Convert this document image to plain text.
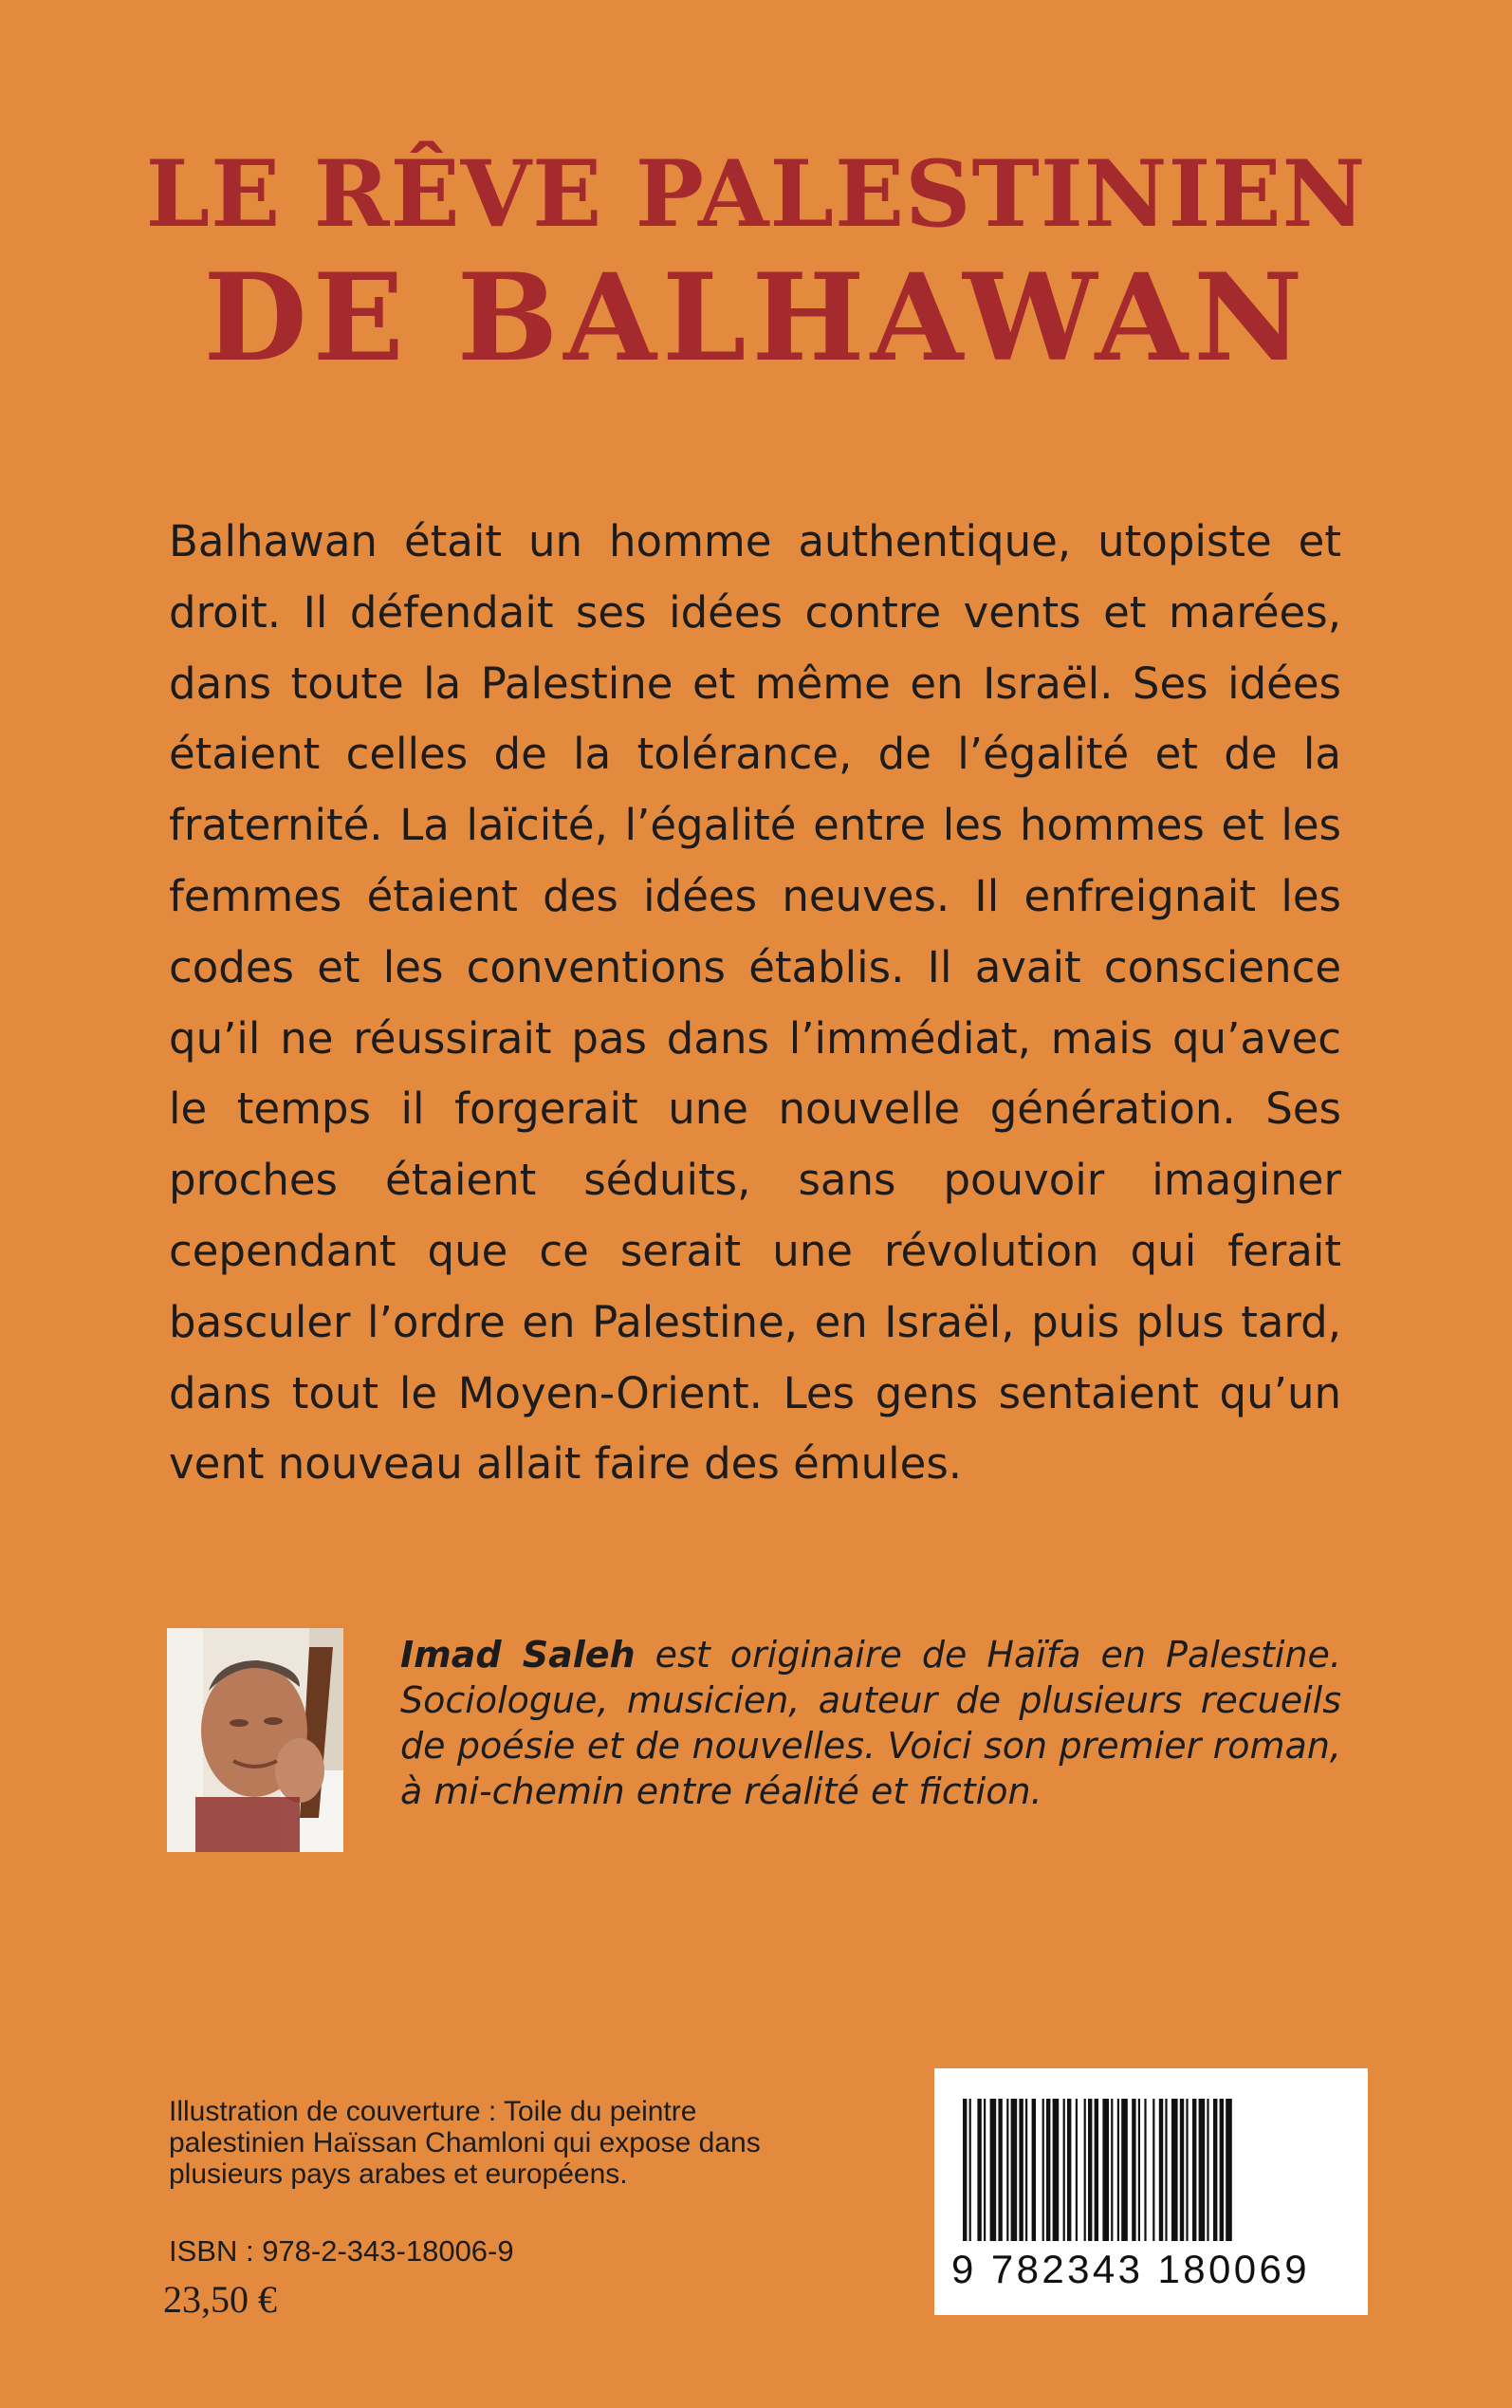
LE RÊVE PALESTINIEN
DE BALHAWAN

Balhawan était un homme authentique, utopiste et droit. Il défendait ses idées contre vents et marées, dans toute la Palestine et même en Israël. Ses idées étaient celles de la tolérance, de l’égalité et de la fraternité. La laïcité, l’égalité entre les hommes et les femmes étaient des idées neuves. Il enfreignait les codes et les conventions établis. Il avait conscience qu’il ne réussirait pas dans l’immédiat, mais qu’avec le temps il forgerait une nouvelle génération. Ses proches étaient séduits, sans pouvoir imaginer cependant que ce serait une révolution qui ferait basculer l’ordre en Palestine, en Israël, puis plus tard, dans tout le Moyen-Orient. Les gens sentaient qu’un vent nouveau allait faire des émules.

Imad Saleh est originaire de Haïfa en Palestine. Sociologue, musicien, auteur de plusieurs recueils de poésie et de nouvelles. Voici son premier roman, à mi-chemin entre réalité et fiction.

Illustration de couverture : Toile du peintre palestinien Haïssan Chamloni qui expose dans plusieurs pays arabes et européens.

ISBN : 978-2-343-18006-9

23,50 €

9 782343 180069
